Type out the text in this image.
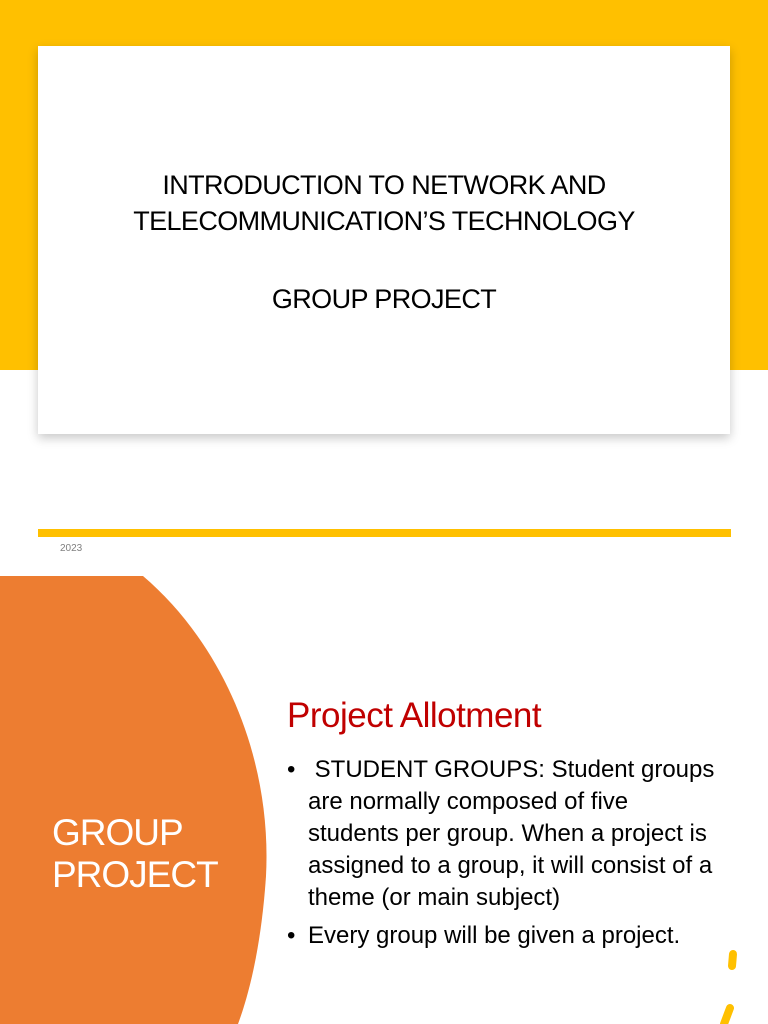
INTRODUCTION TO NETWORK AND
TELECOMMUNICATION’S TECHNOLOGY
GROUP PROJECT
2023
GROUP
PROJECT
Project Allotment
• STUDENT GROUPS: Student groups are normally composed of five students per group. When a project is assigned to a group, it will consist of a theme (or main subject)
• Every group will be given a project.
